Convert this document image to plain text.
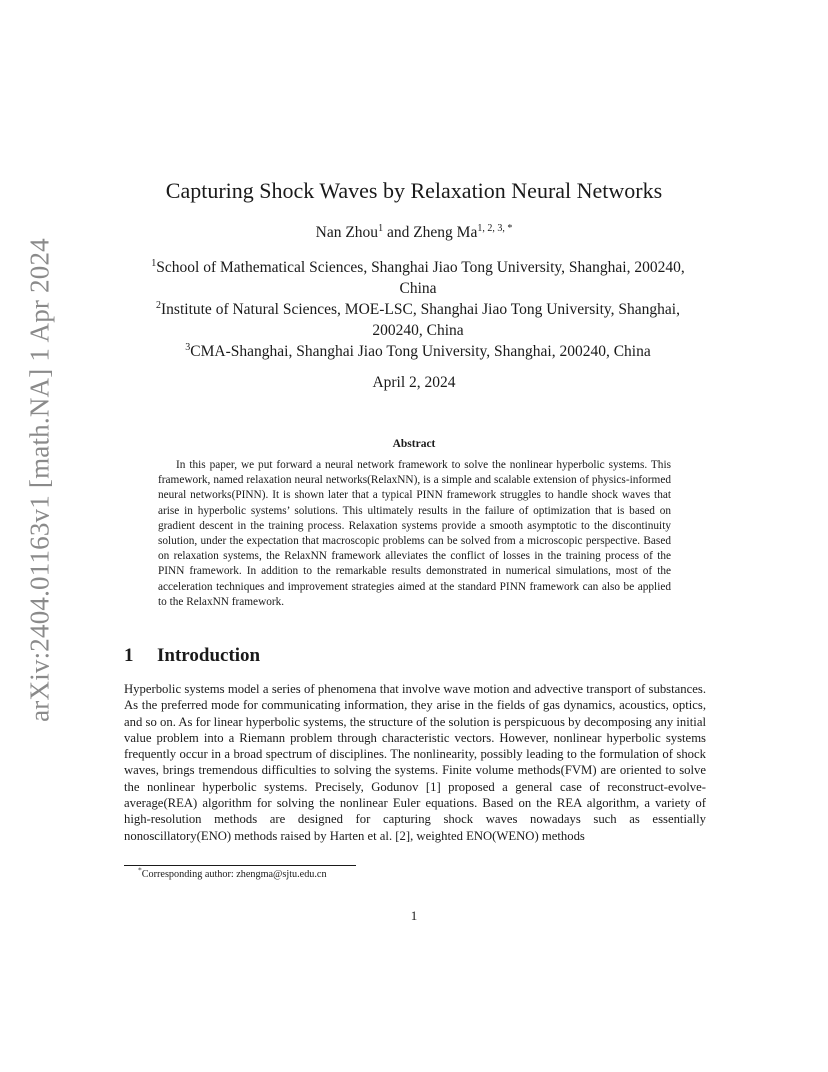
arXiv:2404.01163v1 [math.NA] 1 Apr 2024
Capturing Shock Waves by Relaxation Neural Networks
Nan Zhou$^1$ and Zheng $Ma^{1, 2, 3, *}$

$^1$School of Mathematical Sciences, Shanghai Jiao Tong University, Shanghai, 200240, China

$^2$Institute of Natural Sciences, MOE-LSC, Shanghai Jiao Tong University, Shanghai, 200240, China

$^3$CMA-Shanghai, Shanghai Jiao Tong University, Shanghai, 200240, China

April 2, 2024
Abstract

In this paper, we put forward a neural network framework to solve the nonlinear hyperbolic systems. This framework, named relaxation neural networks(RelaxNN), is a simple and scalable extension of physics-informed neural networks(PINN). It is shown later that a typical PINN framework struggles to handle shock waves that arise in hyperbolic systems’ solutions. This ultimately results in the failure of optimization that is based on gradient descent in the training process. Relaxation systems provide a smooth asymptotic to the discontinuity solution, under the expectation that macroscopic problems can be solved from a microscopic perspective. Based on relaxation systems, the RelaxNN framework alleviates the conflict of losses in the training process of the PINN framework. In addition to the remarkable results demonstrated in numerical simulations, most of the acceleration techniques and improvement strategies aimed at the standard PINN framework can also be applied to the RelaxNN framework.

1 Introduction

Hyperbolic systems model a series of phenomena that involve wave motion and advective transport of substances. As the preferred mode for communicating information, they arise in the fields of gas dynamics, acoustics, optics, and so on. As for linear hyperbolic systems, the structure of the solution is perspicuous by decomposing any initial value problem into a Riemann problem through characteristic vectors. However, nonlinear hyperbolic systems frequently occur in a broad spectrum of disciplines. The nonlinearity, possibly leading to the formulation of shock waves, brings tremendous difficulties to solving the systems. Finite volume methods(FVM) are oriented to solve the nonlinear hyperbolic systems. Precisely, Godunov [1] proposed a general case of reconstruct-evolve-average(REA) algorithm for solving the nonlinear Euler equations. Based on the REA algorithm, a variety of high-resolution methods are designed for capturing shock waves nowadays such as essentially nonoscillatory(ENO) methods raised by Harten et al. [2], weighted ENO(WENO) methods

*Corresponding author: zhengma@sjtu.edu.cn
1
